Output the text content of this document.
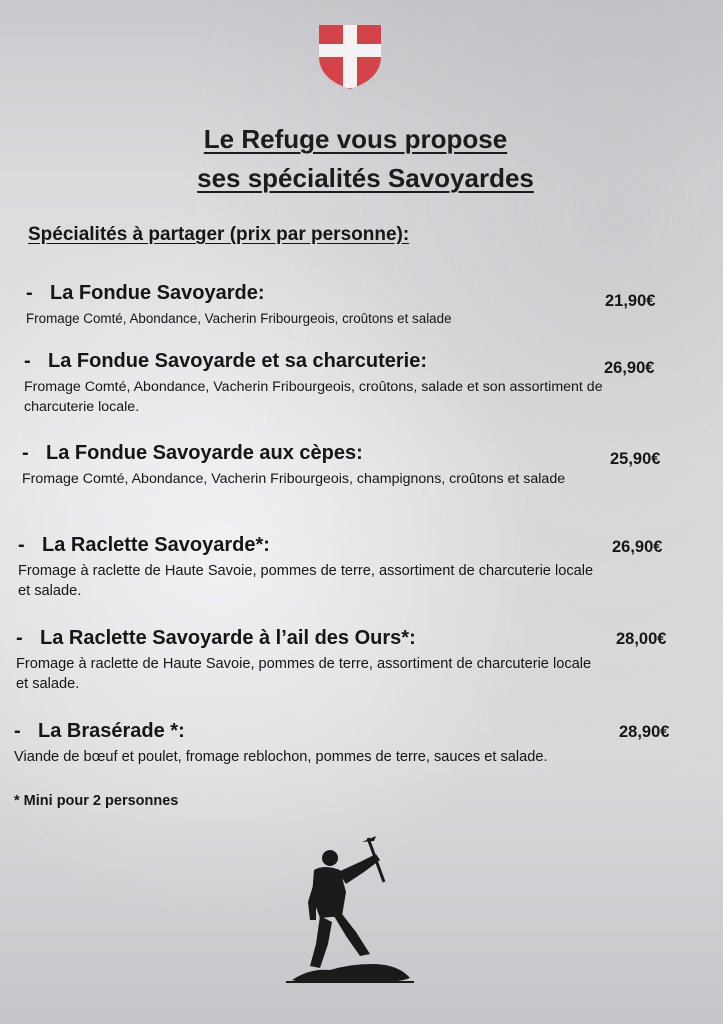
Le Refuge vous propose
ses spécialités Savoyardes
Spécialités à partager (prix par personne):
- La Fondue Savoyarde:
Fromage Comté, Abondance, Vacherin Fribourgeois, croûtons et salade
21,90€
- La Fondue Savoyarde et sa charcuterie:
Fromage Comté, Abondance, Vacherin Fribourgeois, croûtons, salade et son assortiment de charcuterie locale.
26,90€
- La Fondue Savoyarde aux cèpes:
Fromage Comté, Abondance, Vacherin Fribourgeois, champignons, croûtons et salade
25,90€
- La Raclette Savoyarde*:
Fromage à raclette de Haute Savoie, pommes de terre, assortiment de charcuterie locale et salade.
26,90€
- La Raclette Savoyarde à l’ail des Ours*:
Fromage à raclette de Haute Savoie, pommes de terre, assortiment de charcuterie locale et salade.
28,00€
- La Brasérade *:
Viande de bœuf et poulet, fromage reblochon, pommes de terre, sauces et salade.
28,90€
* Mini pour 2 personnes
